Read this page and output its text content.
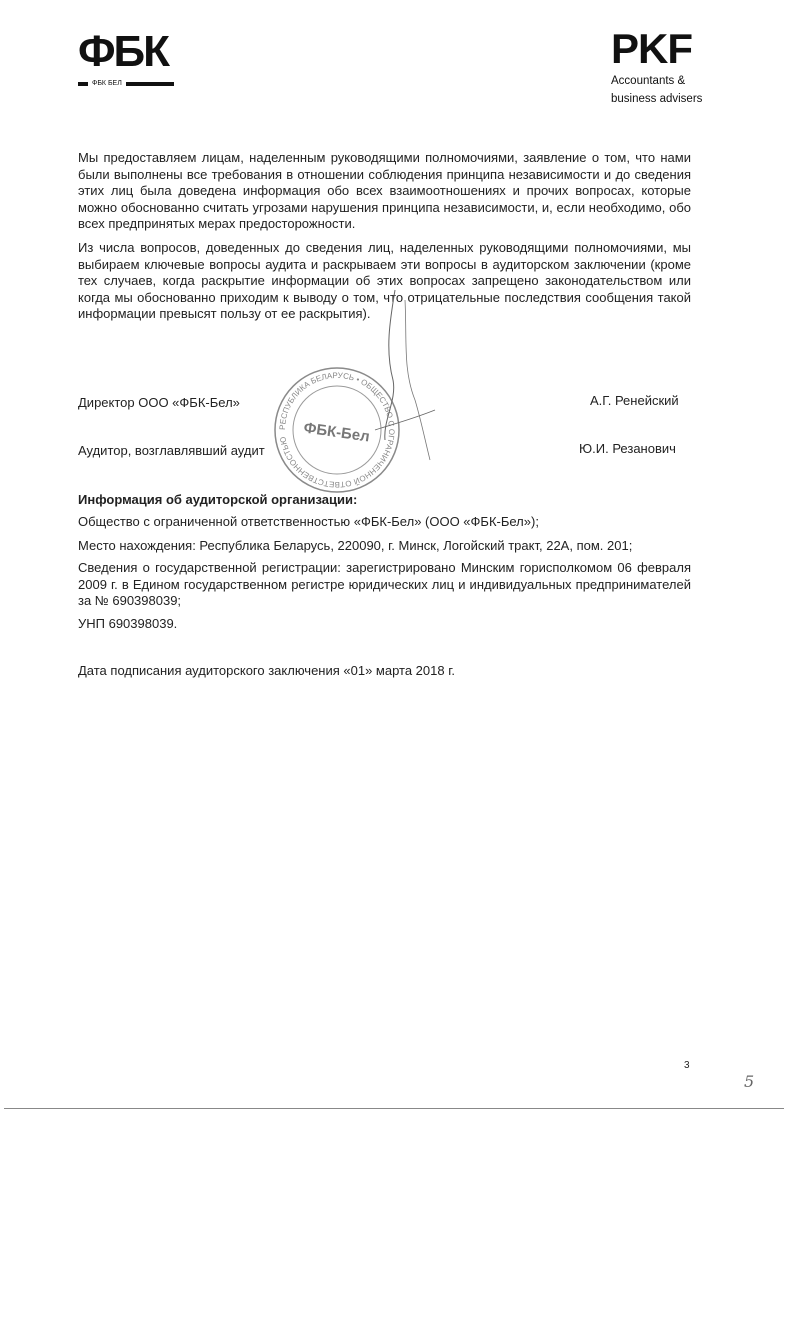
ФБК
ФБК БЕЛ
PKF
Accountants &
business advisers

Мы предоставляем лицам, наделенным руководящими полномочиями, заявление о том, что нами были выполнены все требования в отношении соблюдения принципа независимости и до сведения этих лиц была доведена информация обо всех взаимоотношениях и прочих вопросах, которые можно обоснованно считать угрозами нарушения принципа независимости, и, если необходимо, обо всех предпринятых мерах предосторожности.

Из числа вопросов, доведенных до сведения лиц, наделенных руководящими полномочиями, мы выбираем ключевые вопросы аудита и раскрываем эти вопросы в аудиторском заключении (кроме тех случаев, когда раскрытие информации об этих вопросах запрещено законодательством или когда мы обоснованно приходим к выводу о том, что отрицательные последствия сообщения такой информации превысят пользу от ее раскрытия).

РЕСПУБЛИКА БЕЛАРУСЬ • ОБЩЕСТВО С ОГРАНИЧЕННОЙ ОТВЕТСТВЕННОСТЬЮ ФБК-Бел
Директор ООО «ФБК-Бел»	А.Г. Ренейский
Аудитор, возглавлявший аудит	Ю.И. Резанович
Информация об аудиторской организации:
Общество с ограниченной ответственностью «ФБК-Бел» (ООО «ФБК-Бел»);
Место нахождения: Республика Беларусь, 220090, г. Минск, Логойский тракт, 22А, пом. 201;

Сведения о государственной регистрации: зарегистрировано Минским горисполкомом 06 февраля 2009 г. в Едином государственном регистре юридических лиц и индивидуальных предпринимателей за № 690398039;

УНП 690398039.
Дата подписания аудиторского заключения «01» марта 2018 г.
3
5
